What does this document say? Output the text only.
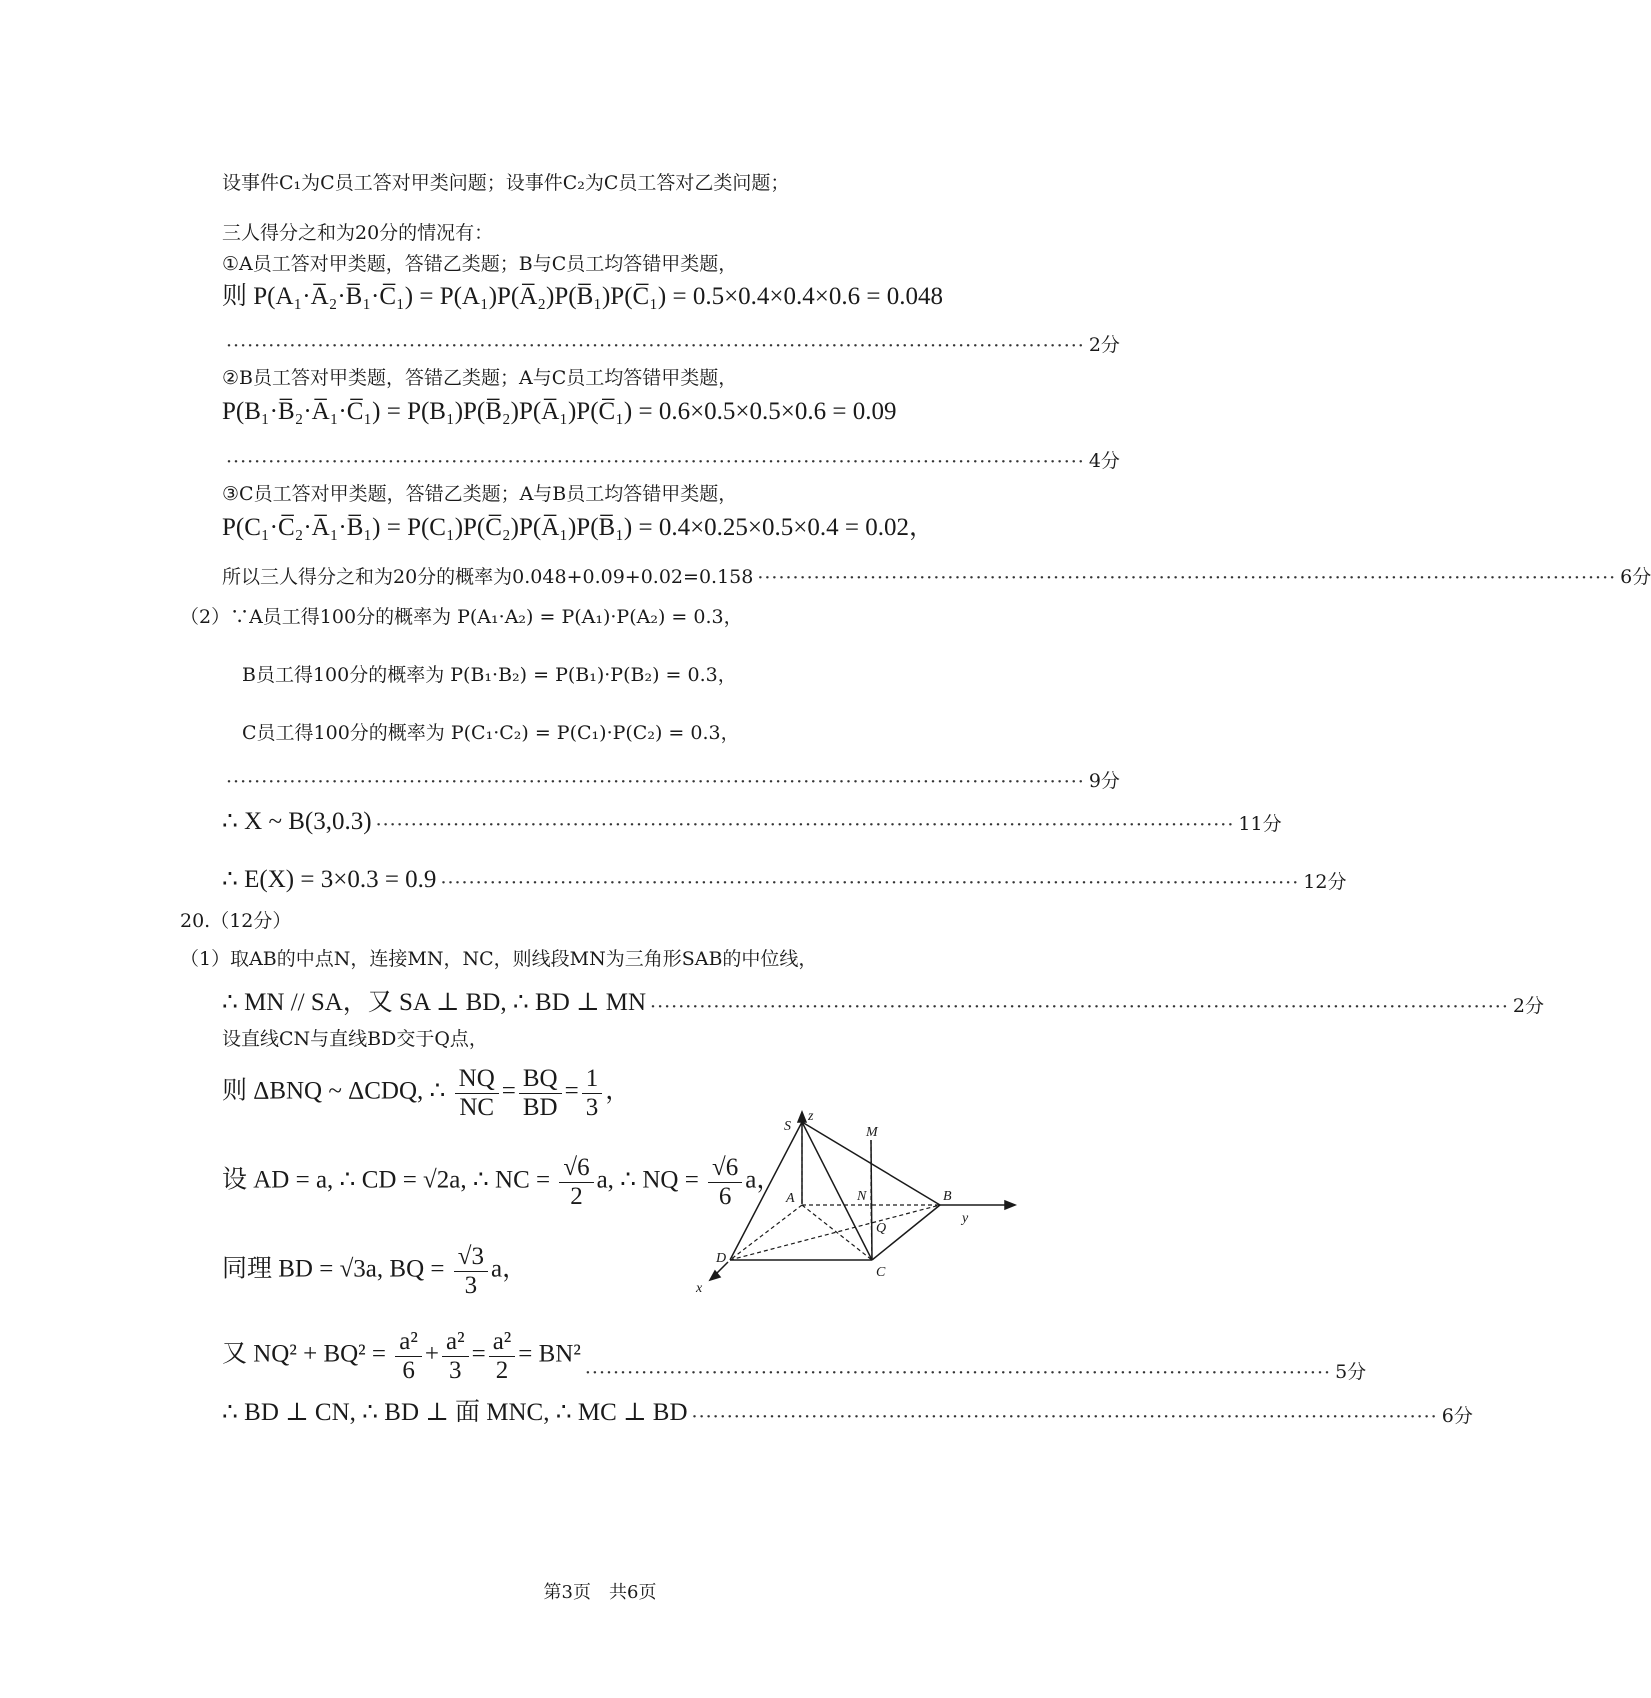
设事件C₁为C员工答对甲类问题；设事件C₂为C员工答对乙类问题；
三人得分之和为20分的情况有：
①A员工答对甲类题，答错乙类题；B与C员工均答错甲类题，
则 P(A₁·A̅₂·B̅₁·C̅₁) = P(A₁)P(A̅₂)P(B̅₁)P(C̅₁) = 0.5×0.4×0.4×0.6 = 0.048
·························································································································· 2分
②B员工答对甲类题，答错乙类题；A与C员工均答错甲类题，
P(B₁·B̅₂·A̅₁·C̅₁) = P(B₁)P(B̅₂)P(A̅₁)P(C̅₁) = 0.6×0.5×0.5×0.6 = 0.09
·························································································································· 4分
③C员工答对甲类题，答错乙类题；A与B员工均答错甲类题，
P(C₁·C̅₂·A̅₁·B̅₁) = P(C₁)P(C̅₂)P(A̅₁)P(B̅₁) = 0.4×0.25×0.5×0.4 = 0.02，
所以三人得分之和为20分的概率为0.048+0.09+0.02=0.158 ·························································································································· 6分
（2）∵A员工得100分的概率为 P(A₁·A₂) = P(A₁)·P(A₂) = 0.3，
B员工得100分的概率为 P(B₁·B₂) = P(B₁)·P(B₂) = 0.3，
C员工得100分的概率为 P(C₁·C₂) = P(C₁)·P(C₂) = 0.3，
·························································································································· 9分
∴ X ~ B(3,0.3) ·························································································································· 11分
∴ E(X) = 3×0.3 = 0.9 ·························································································································· 12分
20.（12分）
（1）取AB的中点N，连接MN，NC，则线段MN为三角形SAB的中位线，
∴ MN // SA，又 SA ⊥ BD, ∴ BD ⊥ MN ·························································································································· 2分
设直线CN与直线BD交于Q点，
则 ΔBNQ ~ ΔCDQ, ∴ $\frac{NQ}{NC} = \frac{BQ}{BD} = \frac{1}{3}$ ，
设 AD = a, ∴ CD = √2a, ∴ NC = $\frac{√6}{2} a$, ∴ NQ = $\frac{√6}{6}$ a，
同理 BD = √3a, BQ = $\frac{√3}{3}$ a，
又 $NQ^2 + BQ^2 = \frac{\text{a²}}{6} + \frac{\text{a²}}{3} = \frac{\text{a²}}{2} = BN^2$
·········································································································· 5分
∴ BD ⊥ CN, ∴ BD ⊥ 面 MNC, ∴ MC ⊥ BD ·········································································································· 6分
z
S	M
A	N	B
y
Q
D
C
x
第3页　共6页
